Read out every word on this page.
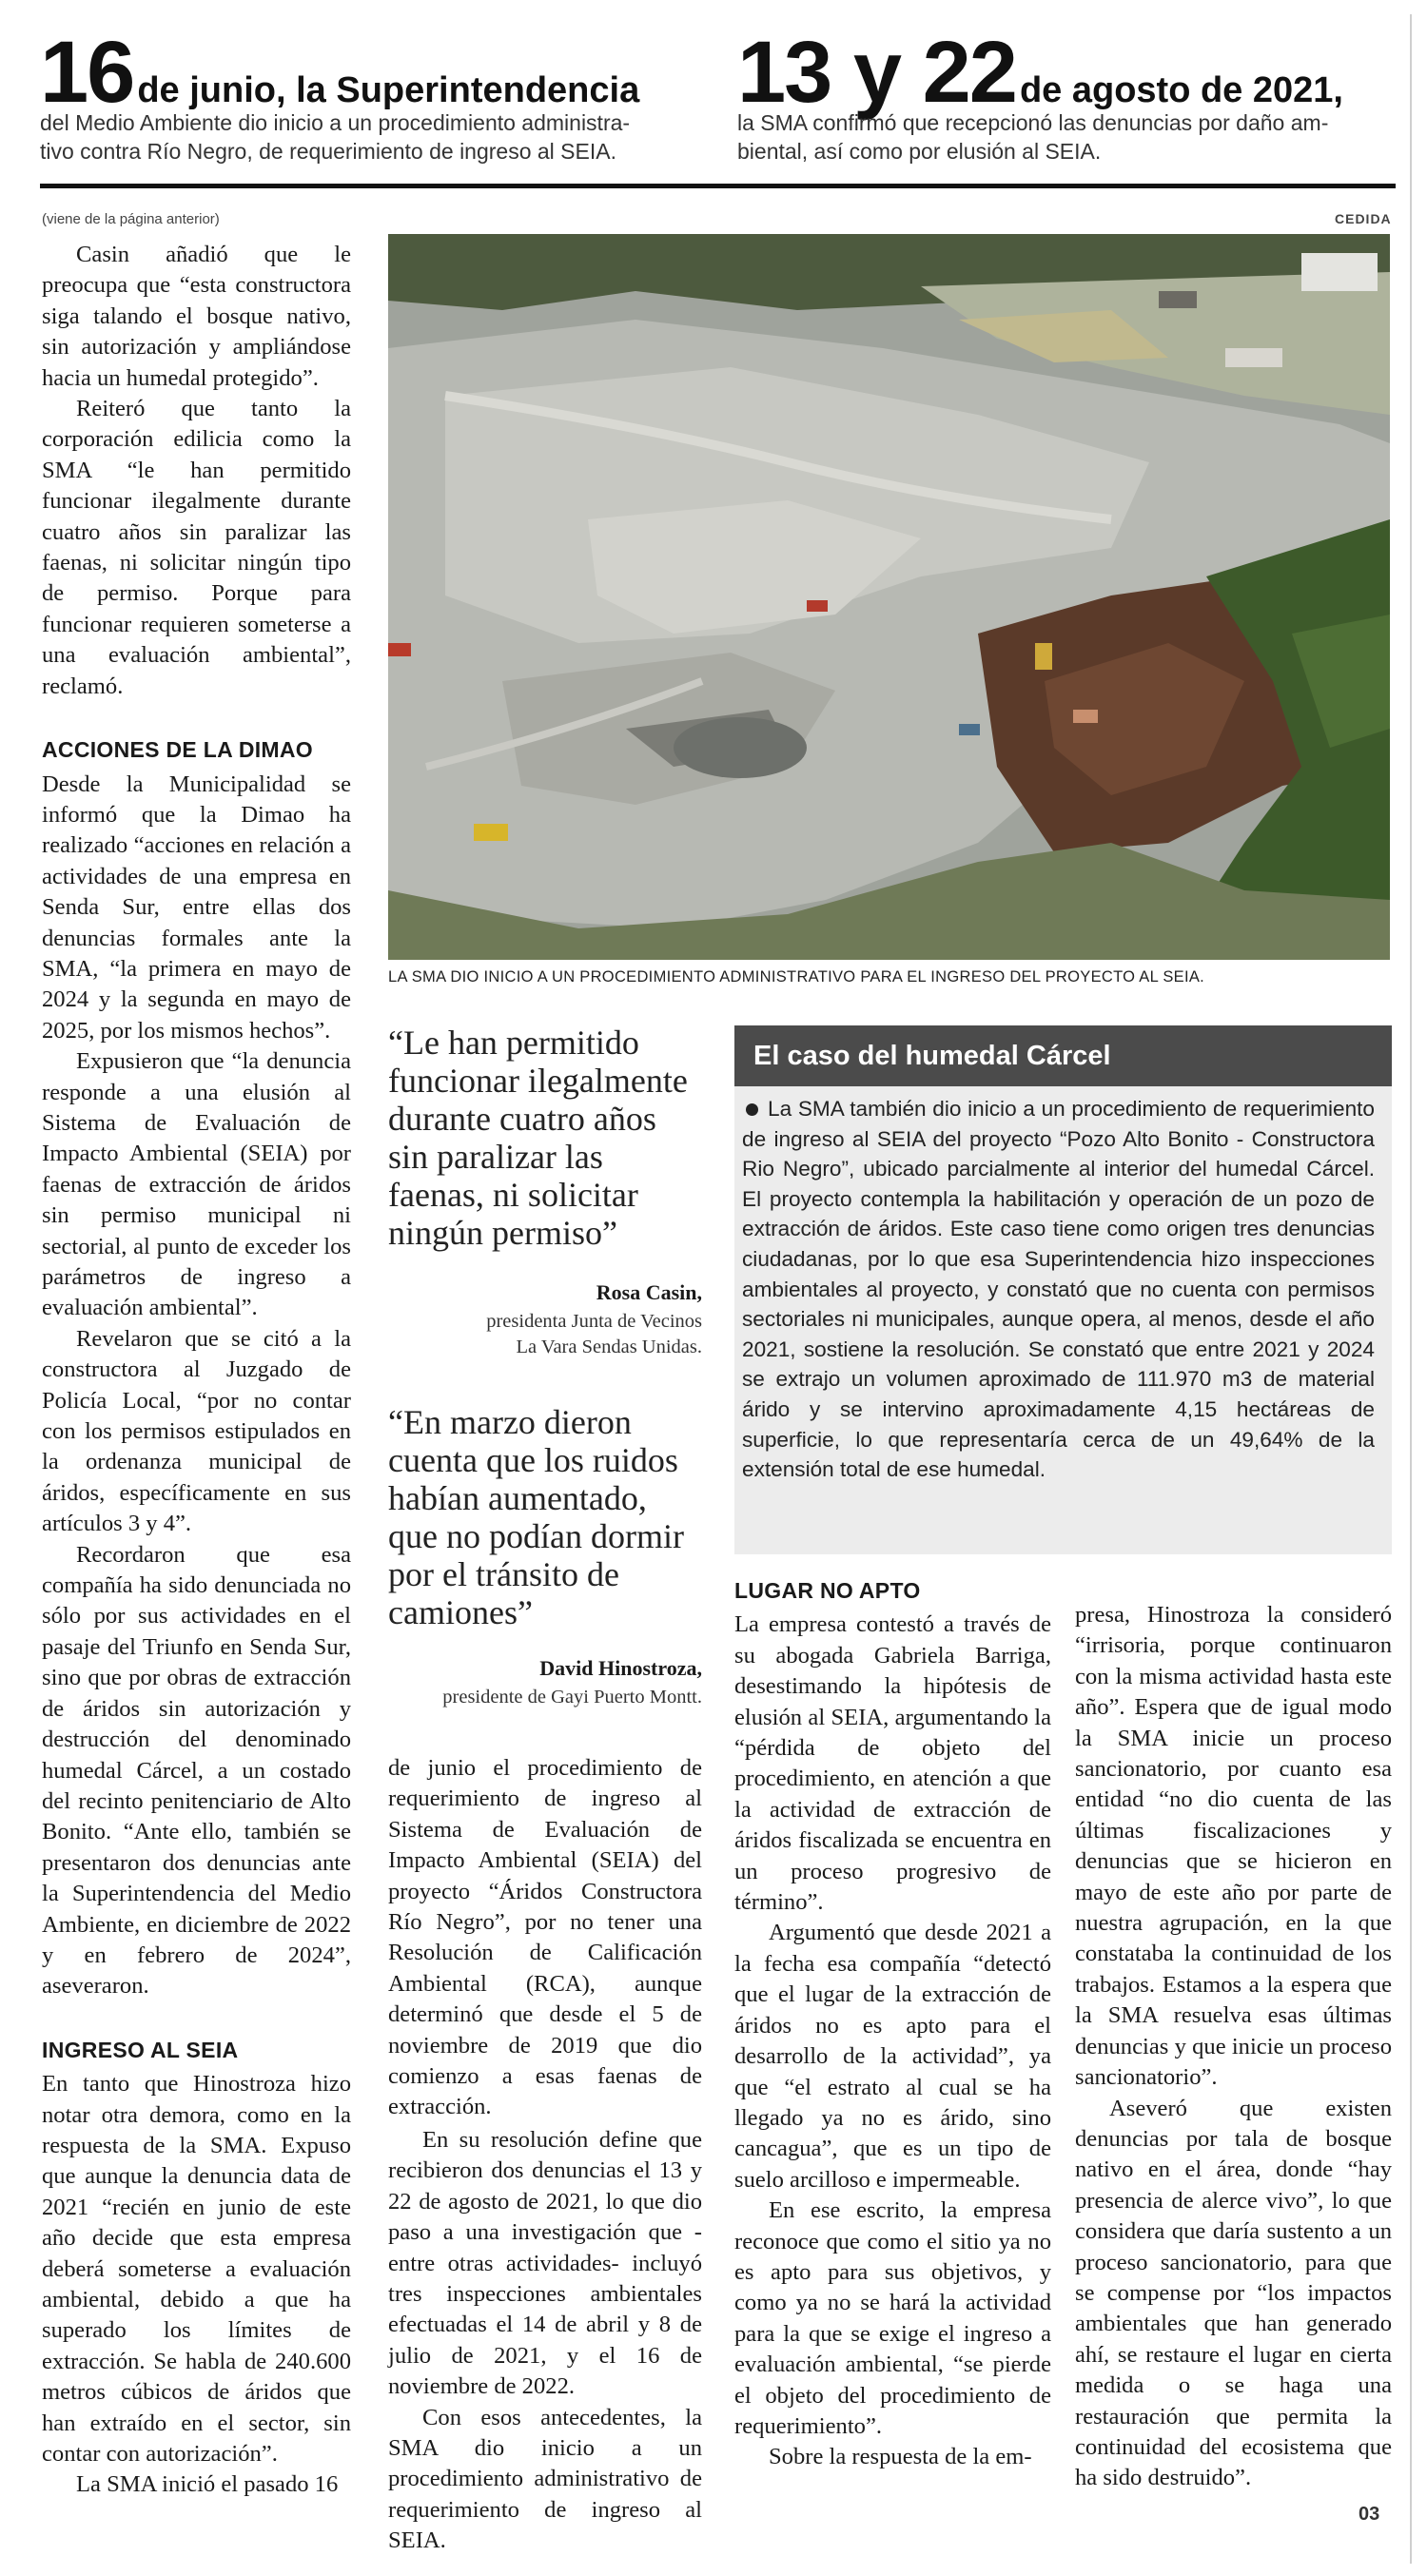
16 de junio, la Superintendencia
del Medio Ambiente dio inicio a un procedimiento administra-
tivo contra Río Negro, de requerimiento de ingreso al SEIA.
13 y 22 de agosto de 2021,
la SMA confirmó que recepcionó las denuncias por daño am-
biental, así como por elusión al SEIA.
(viene de la página anterior)	CEDIDA

Casin añadió que le preocupa que “esta constructora siga talando el bosque nativo, sin autorización y ampliándose hacia un humedal protegido”.

Reiteró que tanto la corporación edilicia como la SMA “le han permitido funcionar ilegalmente durante cuatro años sin paralizar las faenas, ni solicitar ningún tipo de permiso. Porque para funcionar requieren someterse a una evaluación ambiental”, reclamó.

ACCIONES DE LA DIMAO

Desde la Municipalidad se informó que la Dimao ha realizado “acciones en relación a actividades de una empresa en Senda Sur, entre ellas dos denuncias formales ante la SMA, “la primera en mayo de 2024 y la segunda en mayo de 2025, por los mismos hechos”.

Expusieron que “la denuncia responde a una elusión al Sistema de Evaluación de Impacto Ambiental (SEIA) por faenas de extracción de áridos sin permiso municipal ni sectorial, al punto de exceder los parámetros de ingreso a evaluación ambiental”.

Revelaron que se citó a la constructora al Juzgado de Policía Local, “por no contar con los permisos estipulados en la ordenanza municipal de áridos, específicamente en sus artículos 3 y 4”.

Recordaron que esa compañía ha sido denunciada no sólo por sus actividades en el pasaje del Triunfo en Senda Sur, sino que por obras de extracción de áridos sin autorización y destrucción del denominado humedal Cárcel, a un costado del recinto penitenciario de Alto Bonito. “Ante ello, también se presentaron dos denuncias ante la Superintendencia del Medio Ambiente, en diciembre de 2022 y en febrero de 2024”, aseveraron.

INGRESO AL SEIA

En tanto que Hinostroza hizo notar otra demora, como en la respuesta de la SMA. Expuso que aunque la denuncia data de 2021 “recién en junio de este año decide que esta empresa deberá someterse a evaluación ambiental, debido a que ha superado los límites de extracción. Se habla de 240.600 metros cúbicos de áridos que han extraído en el sector, sin contar con autorización”.

La SMA inició el pasado 16

LA SMA DIO INICIO A UN PROCEDIMIENTO ADMINISTRATIVO PARA EL INGRESO DEL PROYECTO AL SEIA.
“Le han permitido funcionar ilegalmente durante cuatro años sin paralizar las faenas, ni solicitar ningún permiso”
Rosa Casin,
presidenta Junta de Vecinos
La Vara Sendas Unidas.
“En marzo dieron cuenta que los ruidos habían aumentado, que no podían dormir por el tránsito de camiones”
David Hinostroza,
presidente de Gayi Puerto Montt.

de junio el procedimiento de requerimiento de ingreso al Sistema de Evaluación de Impacto Ambiental (SEIA) del proyecto “Áridos Constructora Río Negro”, por no tener una Resolución de Calificación Ambiental (RCA), aunque determinó que desde el 5 de noviembre de 2019 que dio comienzo a esas faenas de extracción.

En su resolución define que recibieron dos denuncias el 13 y 22 de agosto de 2021, lo que dio paso a una investigación que -entre otras actividades- incluyó tres inspecciones ambientales efectuadas el 14 de abril y 8 de julio de 2021, y el 16 de noviembre de 2022.

Con esos antecedentes, la SMA dio inicio a un procedimiento administrativo de requerimiento de ingreso al SEIA.

El caso del humedal Cárcel
La SMA también dio inicio a un procedimiento de requerimiento de ingreso al SEIA del proyecto “Pozo Alto Bonito - Constructora Rio Negro”, ubicado parcialmente al interior del humedal Cárcel. El proyecto contempla la habilitación y operación de un pozo de extracción de áridos. Este caso tiene como origen tres denuncias ciudadanas, por lo que esa Superintendencia hizo inspecciones ambientales al proyecto, y constató que no cuenta con permisos sectoriales ni municipales, aunque opera, al menos, desde el año 2021, sostiene la resolución. Se constató que entre 2021 y 2024 se extrajo un volumen aproximado de 111.970 m3 de material árido y se intervino aproximadamente 4,15 hectáreas de superficie, lo que representaría cerca de un 49,64% de la extensión total de ese humedal.
LUGAR NO APTO

La empresa contestó a través de su abogada Gabriela Barriga, desestimando la hipótesis de elusión al SEIA, argumentando la “pérdida de objeto del procedimiento, en atención a que la actividad de extracción de áridos fiscalizada se encuentra en un proceso progresivo de término”.

Argumentó que desde 2021 a la fecha esa compañía “detectó que el lugar de la extracción de áridos no es apto para el desarrollo de la actividad”, ya que “el estrato al cual se ha llegado ya no es árido, sino cancagua”, que es un tipo de suelo arcilloso e impermeable.

En ese escrito, la empresa reconoce que como el sitio ya no es apto para sus objetivos, y como ya no se hará la actividad para la que se exige el ingreso a evaluación ambiental, “se pierde el objeto del procedimiento de requerimiento”.

Sobre la respuesta de la em-

presa, Hinostroza la consideró “irrisoria, porque continuaron con la misma actividad hasta este año”. Espera que de igual modo la SMA inicie un proceso sancionatorio, por cuanto esa entidad “no dio cuenta de las últimas fiscalizaciones y denuncias que se hicieron en mayo de este año por parte de nuestra agrupación, en la que constataba la continuidad de los trabajos. Estamos a la espera que la SMA resuelva esas últimas denuncias y que inicie un proceso sancionatorio”.

Aseveró que existen denuncias por tala de bosque nativo en el área, donde “hay presencia de alerce vivo”, lo que considera que daría sustento a un proceso sancionatorio, para que se compense por “los impactos ambientales que han generado ahí, se restaure el lugar en cierta medida o se haga una restauración que permita la continuidad del ecosistema que ha sido destruido”.

03
